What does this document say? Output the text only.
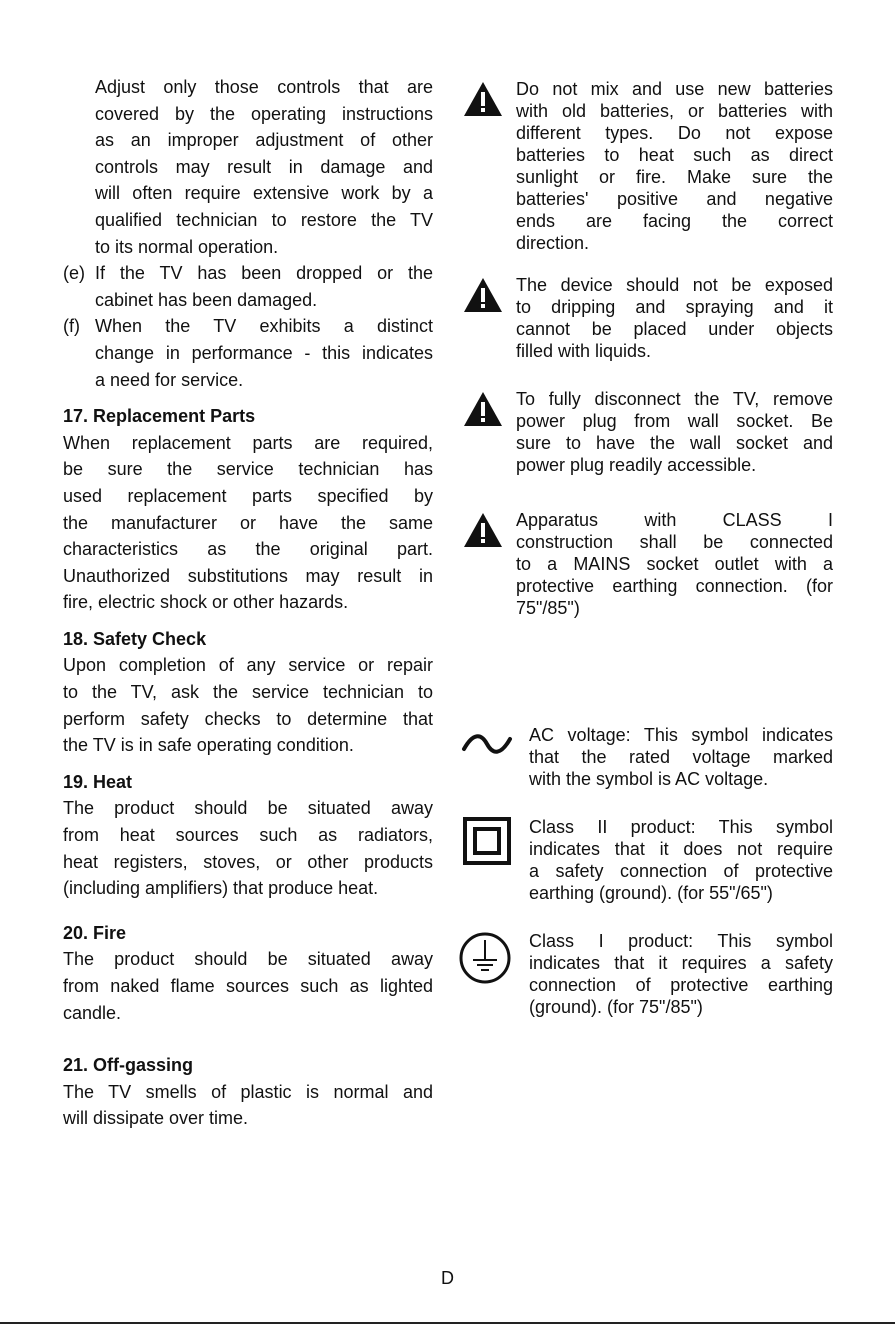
Adjust only those controls that are
covered by the operating instructions
as an improper adjustment of other
controls may result in damage and
will often require extensive work by a
qualified technician to restore the TV
to its normal operation.
(e) If the TV has been dropped or the
cabinet has been damaged.
(f) When the TV exhibits a distinct
change in performance - this indicates
a need for service.
17. Replacement Parts
When replacement parts are required,
be sure the service technician has
used replacement parts specified by
the manufacturer or have the same
characteristics as the original part.
Unauthorized substitutions may result in
fire, electric shock or other hazards.
18. Safety Check
Upon completion of any service or repair
to the TV, ask the service technician to
perform safety checks to determine that
the TV is in safe operating condition.
19. Heat
The product should be situated away
from heat sources such as radiators,
heat registers, stoves, or other products
(including amplifiers) that produce heat.
20. Fire
The product should be situated away
from naked flame sources such as lighted
candle.
21. Off-gassing
The TV smells of plastic is normal and
will dissipate over time.
Do not mix and use new batteries
with old batteries, or batteries with
different types. Do not expose
batteries to heat such as direct
sunlight or fire. Make sure the
batteries' positive and negative
ends are facing the correct
direction.
The device should not be exposed
to dripping and spraying and it
cannot be placed under objects
filled with liquids.
To fully disconnect the TV, remove
power plug from wall socket. Be
sure to have the wall socket and
power plug readily accessible.
Apparatus with CLASS I
construction shall be connected
to a MAINS socket outlet with a
protective earthing connection. (for
75"/85")
AC voltage: This symbol indicates
that the rated voltage marked
with the symbol is AC voltage.
Class II product: This symbol
indicates that it does not require
a safety connection of protective
earthing (ground). (for 55"/65")
Class I product: This symbol
indicates that it requires a safety
connection of protective earthing
(ground). (for 75"/85")
D
